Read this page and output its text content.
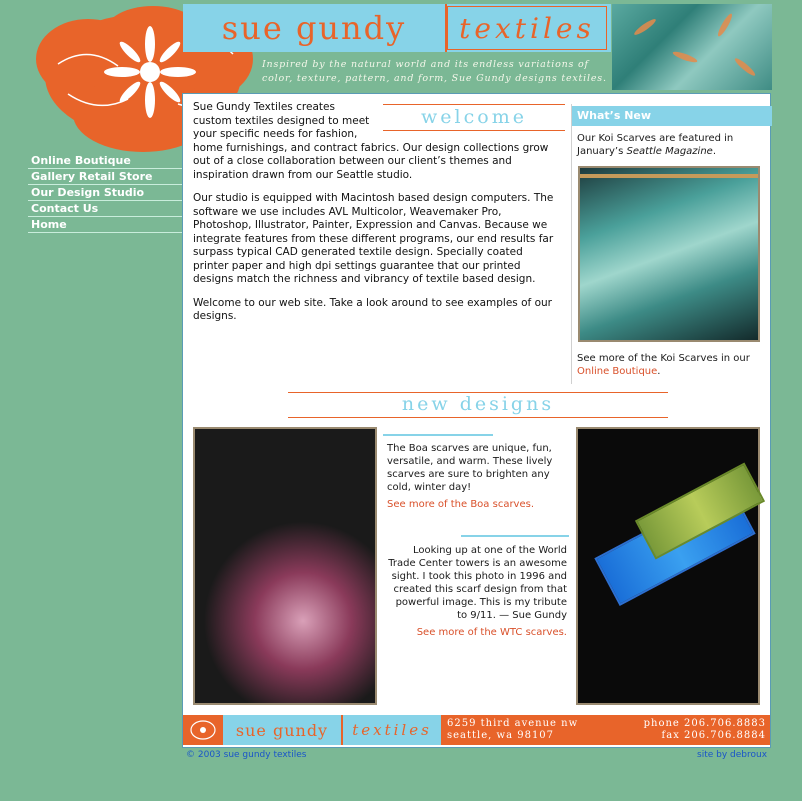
sue gundy	textiles
Inspired by the natural world and its endless variations of
color, texture, pattern, and form, Sue Gundy designs textiles.
Online Boutique
Gallery Retail Store
Our Design Studio
Contact Us
Home
welcome

Sue Gundy Textiles creates
custom textiles designed to meet
your specific needs for fashion,
home furnishings, and contract fabrics. Our design collections grow out of a close collaboration between our client’s themes and inspiration drawn from our Seattle studio.

Our studio is equipped with Macintosh based design computers. The software we use includes AVL Multicolor, Weavemaker Pro, Photoshop, Illustrator, Painter, Expression and Canvas. Because we integrate features from these different programs, our end results far surpass typical CAD generated textile design. Specially coated printer paper and high dpi settings guarantee that our printed designs match the richness and vibrancy of textile based design.

Welcome to our web site. Take a look around to see examples of our designs.

What’s New
Our Koi Scarves are featured in January’s Seattle Magazine.
See more of the Koi Scarves in our Online Boutique.
new designs
The Boa scarves are unique, fun, versatile, and warm. These lively scarves are sure to brighten any cold, winter day!
See more of the Boa scarves.
Looking up at one of the World Trade Center towers is an awesome sight. I took this photo in 1996 and created this scarf design from that powerful image. This is my tribute to 9/11. — Sue Gundy
See more of the WTC scarves.
sue gundy	textiles	6259 third avenue nw
seattle, wa 98107
phone 206.706.8883
fax 206.706.8884
© 2003 sue gundy textiles	site by debroux
